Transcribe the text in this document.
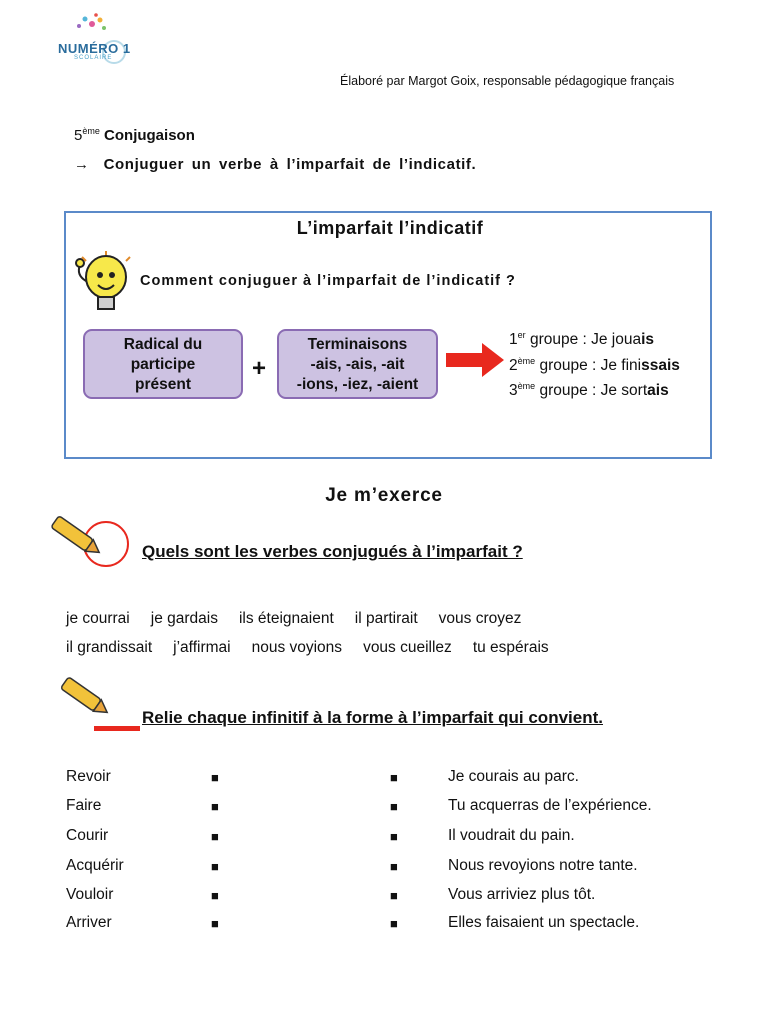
NUMÉRO 1
SCOLAIRE
Élaboré par Margot Goix, responsable pédagogique français
5ème Conjugaison
→ Conjuguer un verbe à l’imparfait de l’indicatif.
L’imparfait l’indicatif
Comment conjuguer à l’imparfait de l’indicatif ?
Radical du
participe
présent
+
Terminaisons
-ais, -ais, -ait
-ions, -iez, -aient
1er groupe : Je jouais
2ème groupe : Je finissais
3ème groupe : Je sortais
Je m’exerce
Quels sont les verbes conjugués à l’imparfait ?
je courrai je gardais ils éteignaient il partirait vous croyez
il grandissait j’affirmai nous voyions vous cueillez tu espérais
Relie chaque infinitif à la forme à l’imparfait qui convient.
Revoir
Faire
Courir
Acquérir
Vouloir
Arriver
■
■
■
■
■
■
■
■
■
■
■
■
Je courais au parc.
Tu acquerras de l’expérience.
Il voudrait du pain.
Nous revoyions notre tante.
Vous arriviez plus tôt.
Elles faisaient un spectacle.
